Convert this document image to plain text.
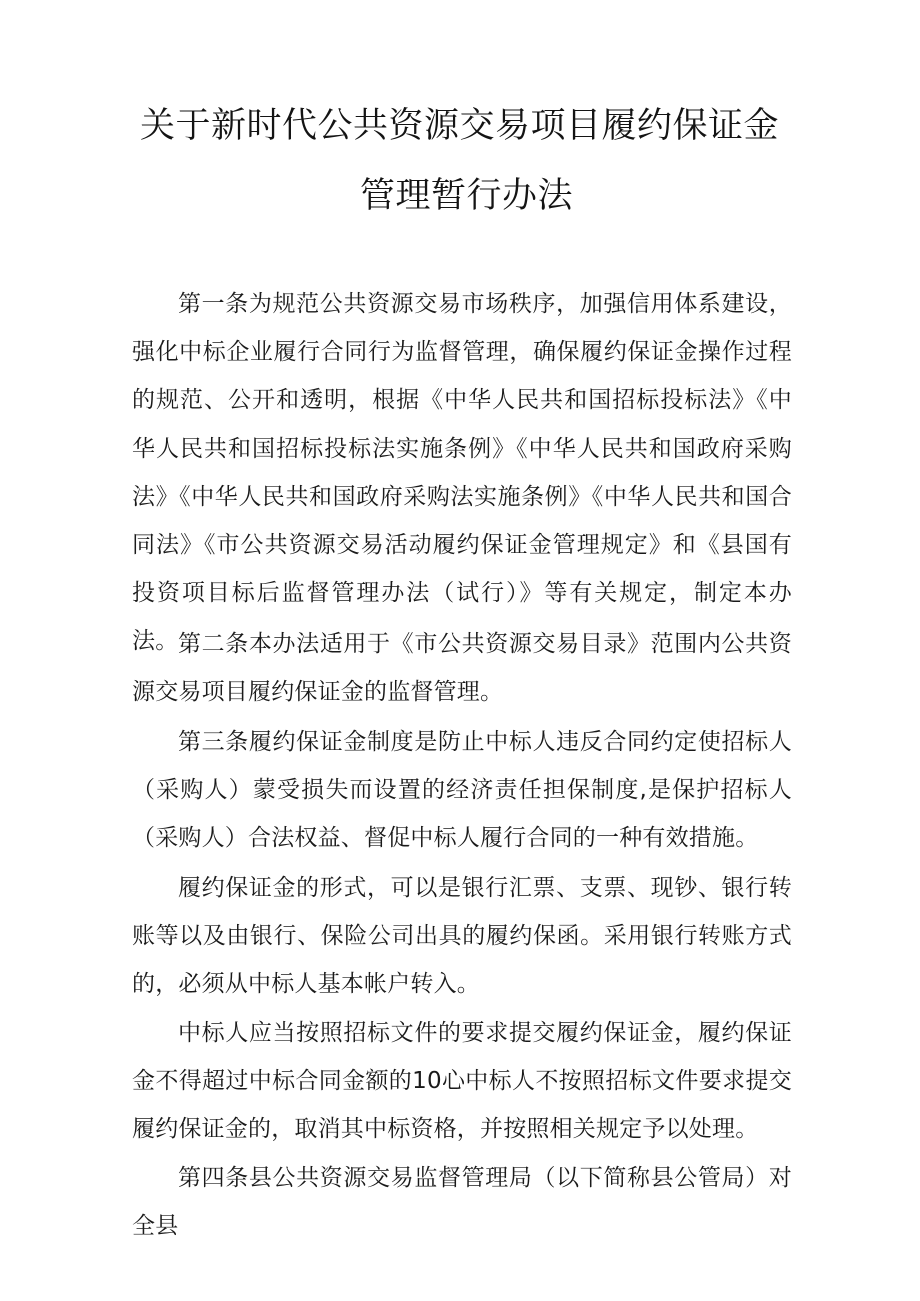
关于新时代公共资源交易项目履约保证金
管理暂行办法

第一条为规范公共资源交易市场秩序，加强信用体系建设，强化中标企业履行合同行为监督管理，确保履约保证金操作过程的规范、公开和透明，根据《中华人民共和国招标投标法》《中华人民共和国招标投标法实施条例》《中华人民共和国政府采购法》《中华人民共和国政府采购法实施条例》《中华人民共和国合同法》《市公共资源交易活动履约保证金管理规定》和《县国有投资项目标后监督管理办法（试行）》等有关规定，制定本办法。 第二条本办法适用于《市公共资源交易目录》范围内公共资源交易项目履约保证金的监督管理。

第三条履约保证金制度是防止中标人违反合同约定使招标人（采购人）蒙受损失而设置的经济责任担保制度,是保护招标人（采购人）合法权益、督促中标人履行合同的一种有效措施。

履约保证金的形式，可以是银行汇票、支票、现钞、银行转账等以及由银行、保险公司出具的履约保函。采用银行转账方式的，必须从中标人基本帐户转入。

中标人应当按照招标文件的要求提交履约保证金，履约保证金不得超过中标合同金额的10心中标人不按照招标文件要求提交履约保证金的，取消其中标资格，并按照相关规定予以处理。

第四条县公共资源交易监督管理局（以下简称县公管局）对全县
